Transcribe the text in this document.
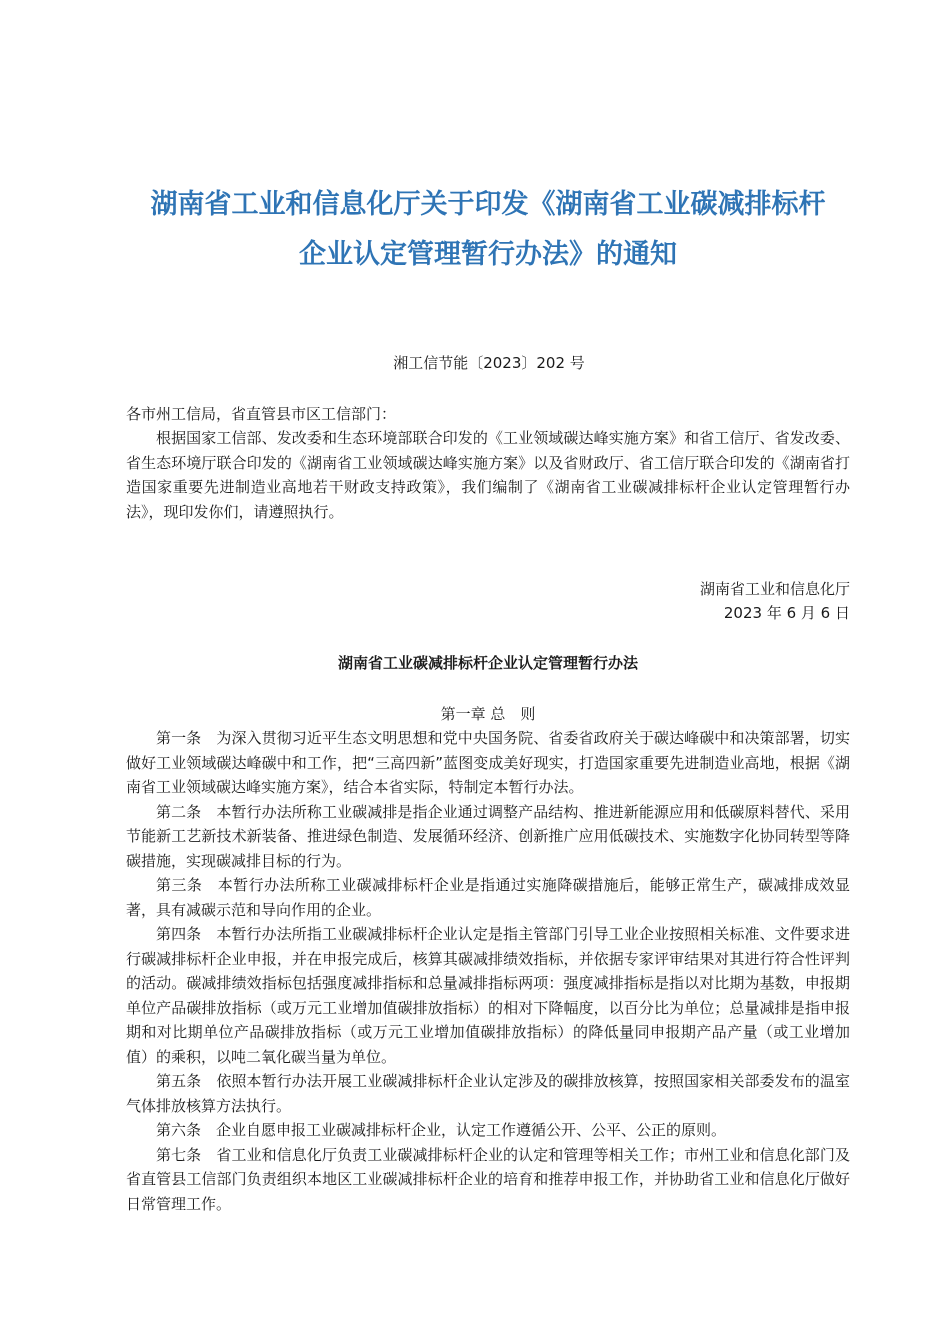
湖南省工业和信息化厅关于印发《湖南省工业碳减排标杆
企业认定管理暂行办法》的通知
湘工信节能〔2023〕202 号
各市州工信局，省直管县市区工信部门：
根据国家工信部、发改委和生态环境部联合印发的《工业领域碳达峰实施方案》和省工信厅、省发改委、省生态环境厅联合印发的《湖南省工业领域碳达峰实施方案》以及省财政厅、省工信厅联合印发的《湖南省打造国家重要先进制造业高地若干财政支持政策》，我们编制了《湖南省工业碳减排标杆企业认定管理暂行办法》，现印发你们，请遵照执行。
湖南省工业和信息化厅
2023 年 6 月 6 日
湖南省工业碳减排标杆企业认定管理暂行办法
第一章 总　则

第一条　为深入贯彻习近平生态文明思想和党中央国务院、省委省政府关于碳达峰碳中和决策部署，切实做好工业领域碳达峰碳中和工作，把“三高四新”蓝图变成美好现实，打造国家重要先进制造业高地，根据《湖南省工业领域碳达峰实施方案》，结合本省实际，特制定本暂行办法。

第二条　本暂行办法所称工业碳减排是指企业通过调整产品结构、推进新能源应用和低碳原料替代、采用节能新工艺新技术新装备、推进绿色制造、发展循环经济、创新推广应用低碳技术、实施数字化协同转型等降碳措施，实现碳减排目标的行为。

第三条　本暂行办法所称工业碳减排标杆企业是指通过实施降碳措施后，能够正常生产，碳减排成效显著，具有减碳示范和导向作用的企业。

第四条　本暂行办法所指工业碳减排标杆企业认定是指主管部门引导工业企业按照相关标准、文件要求进行碳减排标杆企业申报，并在申报完成后，核算其碳减排绩效指标，并依据专家评审结果对其进行符合性评判的活动。碳减排绩效指标包括强度减排指标和总量减排指标两项：强度减排指标是指以对比期为基数，申报期单位产品碳排放指标（或万元工业增加值碳排放指标）的相对下降幅度，以百分比为单位；总量减排是指申报期和对比期单位产品碳排放指标（或万元工业增加值碳排放指标）的降低量同申报期产品产量（或工业增加值）的乘积，以吨二氧化碳当量为单位。

第五条　依照本暂行办法开展工业碳减排标杆企业认定涉及的碳排放核算，按照国家相关部委发布的温室气体排放核算方法执行。

第六条　企业自愿申报工业碳减排标杆企业，认定工作遵循公开、公平、公正的原则。

第七条　省工业和信息化厅负责工业碳减排标杆企业的认定和管理等相关工作；市州工业和信息化部门及省直管县工信部门负责组织本地区工业碳减排标杆企业的培育和推荐申报工作，并协助省工业和信息化厅做好日常管理工作。
